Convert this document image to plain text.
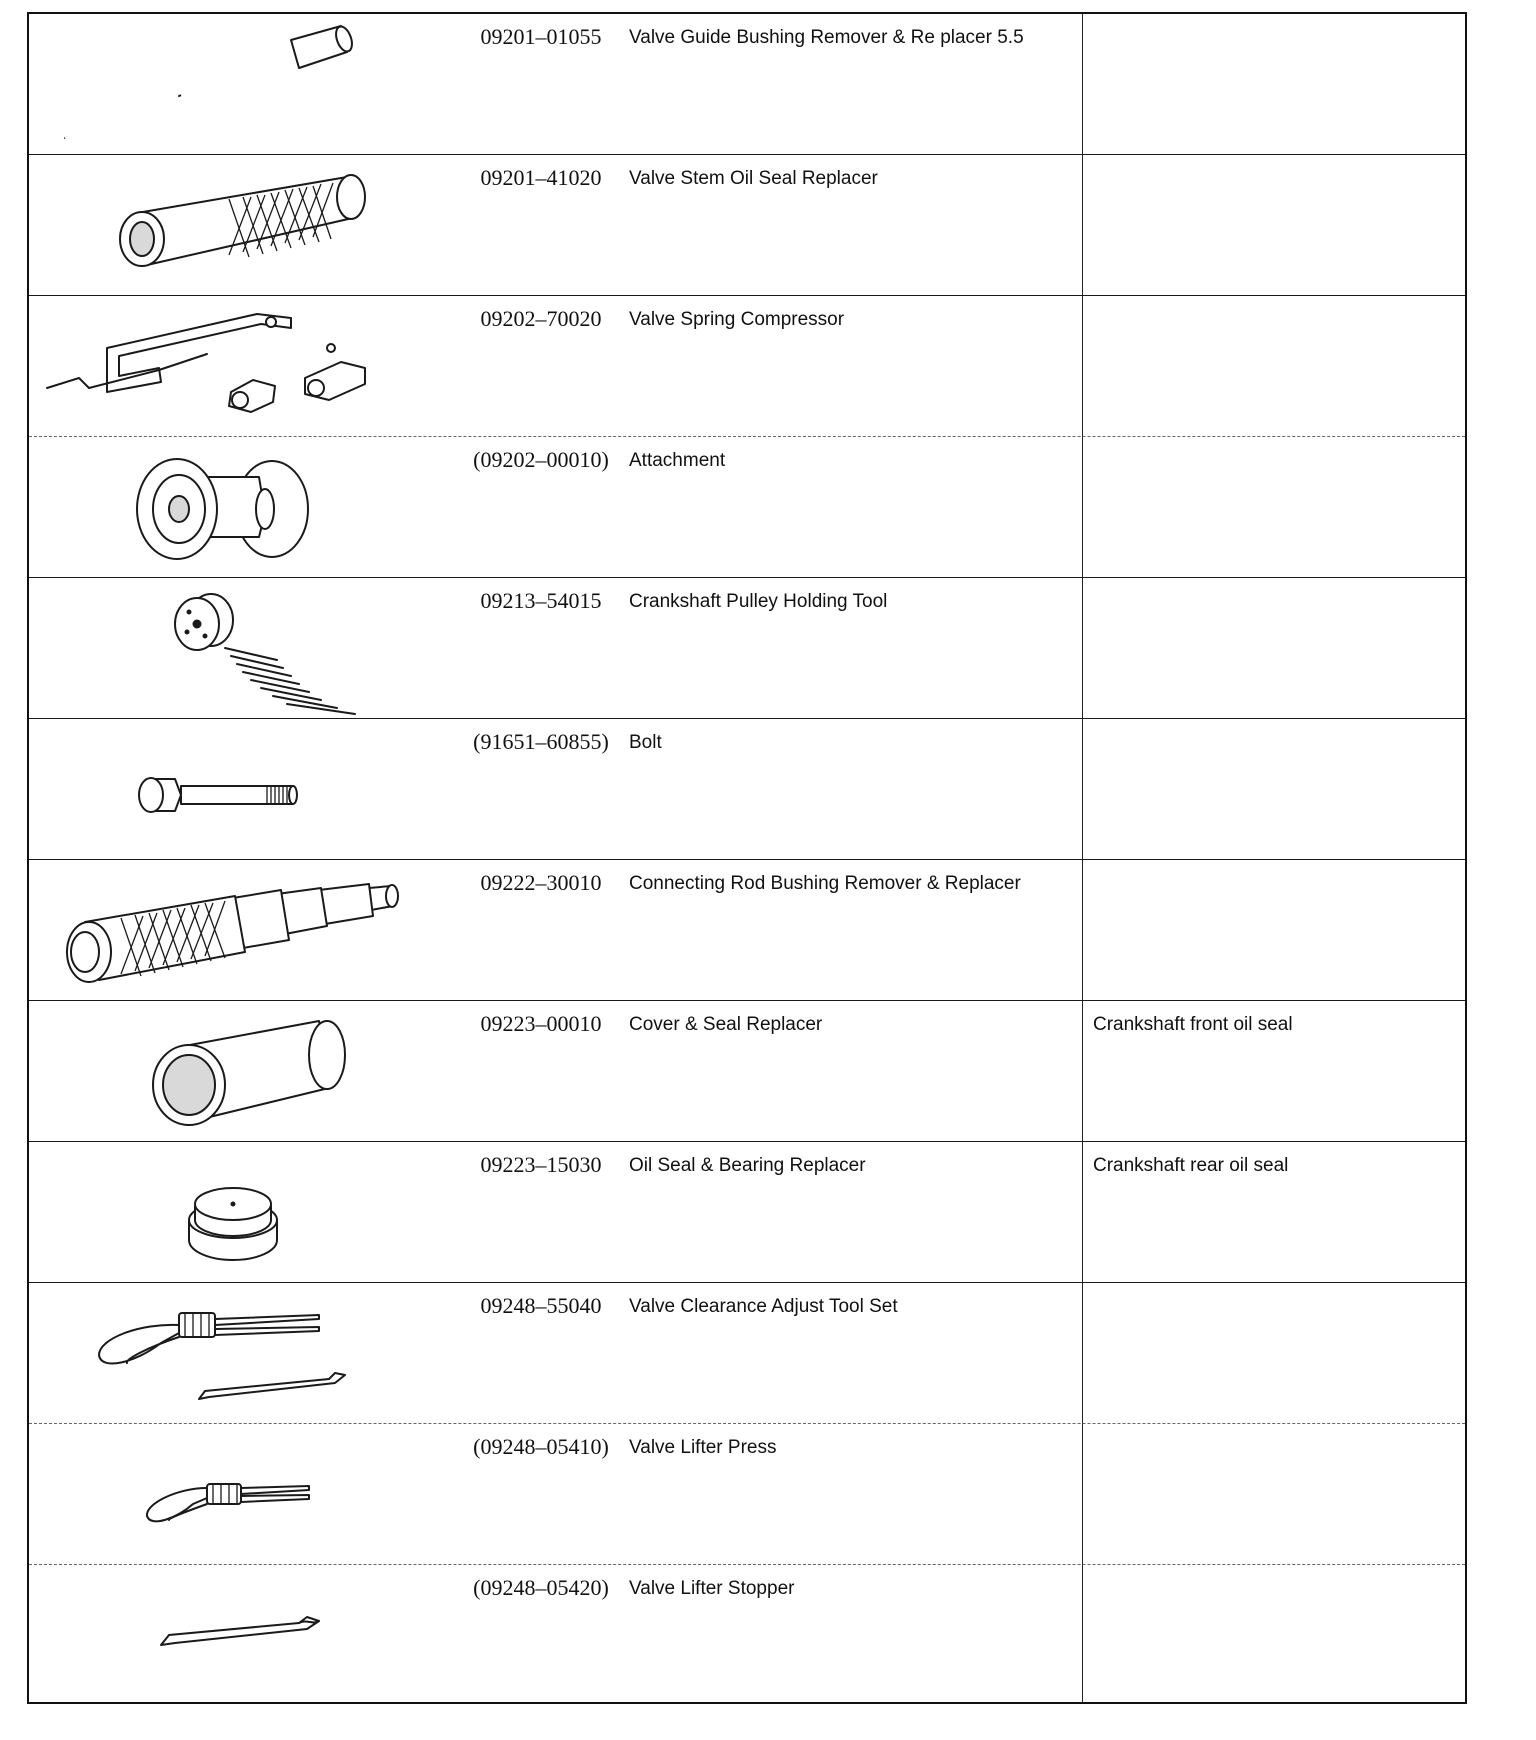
09201–01055	Valve Guide Bushing Remover & Re placer 5.5
09201–41020	Valve Stem Oil Seal Replacer
09202–70020	Valve Spring Compressor
(09202–00010)	Attachment
09213–54015	Crankshaft Pulley Holding Tool
(91651–60855)	Bolt
09222–30010	Connecting Rod Bushing Remover & Replacer
09223–00010	Cover & Seal Replacer	Crankshaft front oil seal
09223–15030	Oil Seal & Bearing Replacer	Crankshaft rear oil seal
09248–55040	Valve Clearance Adjust Tool Set
(09248–05410)	Valve Lifter Press
(09248–05420)	Valve Lifter Stopper
